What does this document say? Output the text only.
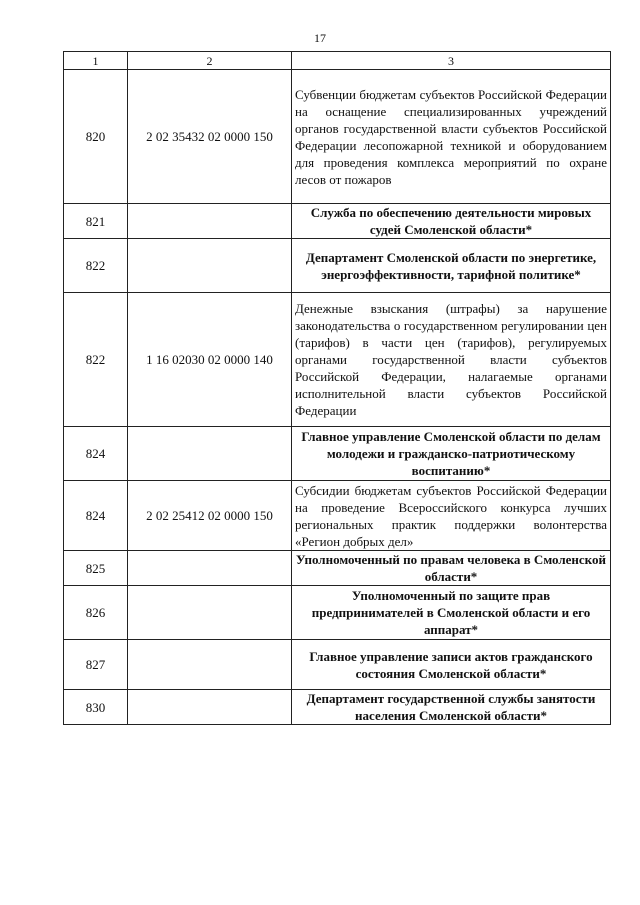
17
1	2	3
820	2 02 35432 02 0000 150	Субвенции бюджетам субъектов Российской Федерации на оснащение специализированных учреждений органов государственной власти субъектов Российской Федерации лесопожарной техникой и оборудованием для проведения комплекса мероприятий по охране лесов от пожаров
821		Служба по обеспечению деятельности мировых судей Смоленской области*
822		Департамент Смоленской области по энергетике, энергоэффективности, тарифной политике*
822	1 16 02030 02 0000 140	Денежные взыскания (штрафы) за нарушение законодательства о государственном регулировании цен (тарифов) в части цен (тарифов), регулируемых органами государственной власти субъектов Российской Федерации, налагаемые органами исполнительной власти субъектов Российской Федерации
824		Главное управление Смоленской области по делам молодежи и гражданско-патриотическому воспитанию*
824	2 02 25412 02 0000 150	Субсидии бюджетам субъектов Российской Федерации на проведение Всероссийского конкурса лучших региональных практик поддержки волонтерства «Регион добрых дел»
825		Уполномоченный по правам человека в Смоленской области*
826		Уполномоченный по защите прав предпринимателей в Смоленской области и его аппарат*
827		Главное управление записи актов гражданского состояния Смоленской области*
830		Департамент государственной службы занятости населения Смоленской области*
